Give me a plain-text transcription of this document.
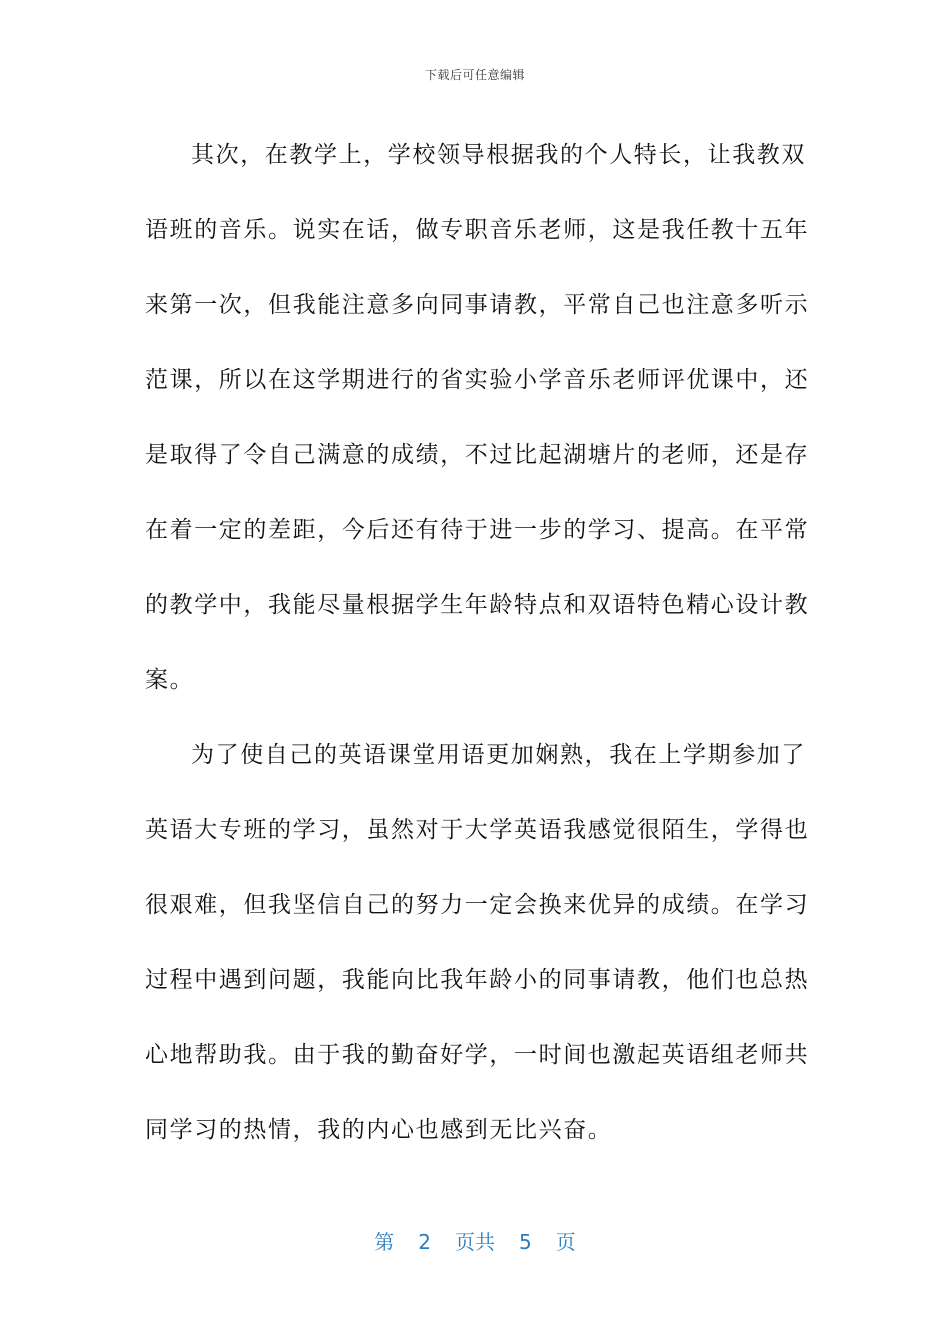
下载后可任意编辑
其次，在教学上，学校领导根据我的个人特长，让我教双
语班的音乐。说实在话，做专职音乐老师，这是我任教十五年
来第一次，但我能注意多向同事请教，平常自己也注意多听示
范课，所以在这学期进行的省实验小学音乐老师评优课中，还
是取得了令自己满意的成绩，不过比起湖塘片的老师，还是存
在着一定的差距，今后还有待于进一步的学习、提高。在平常
的教学中，我能尽量根据学生年龄特点和双语特色精心设计教
案。
为了使自己的英语课堂用语更加娴熟，我在上学期参加了
英语大专班的学习，虽然对于大学英语我感觉很陌生，学得也
很艰难，但我坚信自己的努力一定会换来优异的成绩。在学习
过程中遇到问题，我能向比我年龄小的同事请教，他们也总热
心地帮助我。由于我的勤奋好学，一时间也激起英语组老师共
同学习的热情，我的内心也感到无比兴奋。
第 2 页共 5 页
